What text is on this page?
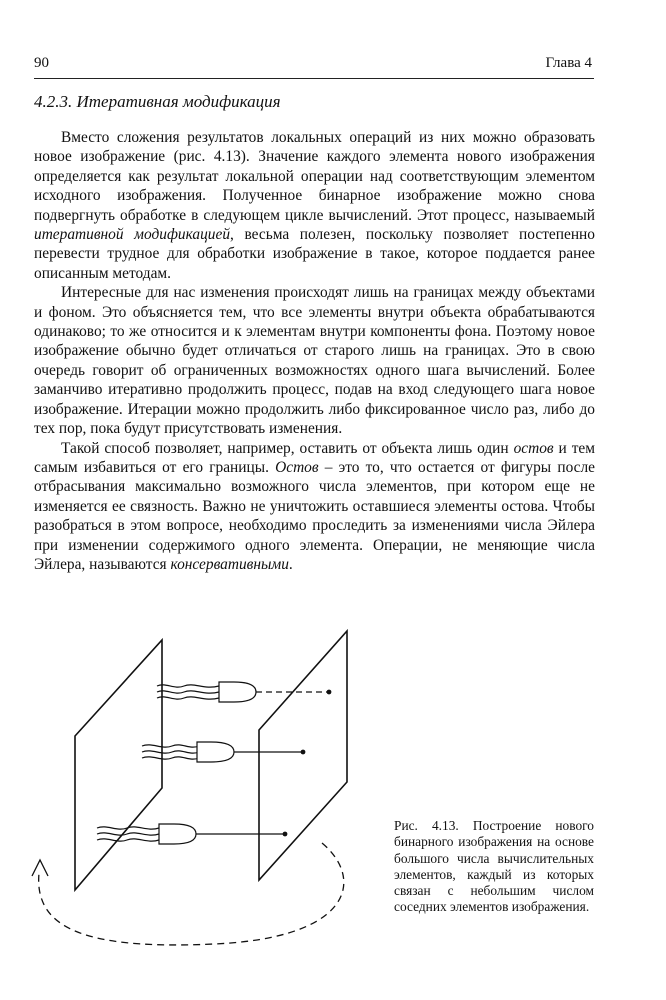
90	Глава 4
4.2.3. Итеративная модификация

Вместо сложения результатов локальных операций из них можно образовать новое изображение (рис. 4.13). Значение каждого элемента нового изображения определяется как результат локальной операции над соответствующим элементом исходного изображения. Полученное бинарное изображение можно снова подвергнуть обработке в следующем цикле вычислений. Этот процесс, называемый итеративной модификацией, весьма полезен, поскольку позволяет постепенно перевести трудное для обработки изображение в такое, которое поддается ранее описанным методам.

Интересные для нас изменения происходят лишь на границах между объектами и фоном. Это объясняется тем, что все элементы внутри объекта обрабатываются одинаково; то же относится и к элементам внутри компоненты фона. Поэтому новое изображение обычно будет отличаться от старого лишь на границах. Это в свою очередь говорит об ограниченных возможностях одного шага вычислений. Более заманчиво итеративно продолжить процесс, подав на вход следующего шага новое изображение. Итерации можно продолжить либо фиксированное число раз, либо до тех пор, пока будут присутствовать изменения.

Такой способ позволяет, например, оставить от объекта лишь один остов и тем самым избавиться от его границы. Остов – это то, что остается от фигуры после отбрасывания максимально возможного числа элементов, при котором еще не изменяется ее связность. Важно не уничтожить оставшиеся элементы остова. Чтобы разобраться в этом вопросе, необходимо проследить за изменениями числа Эйлера при изменении содержимого одного элемента. Операции, не меняющие числа Эйлера, называются консервативными.

Рис. 4.13. Построение нового бинарного изображения на основе большого числа вычислительных элементов, каждый из которых связан с небольшим числом соседних элементов изображения.
